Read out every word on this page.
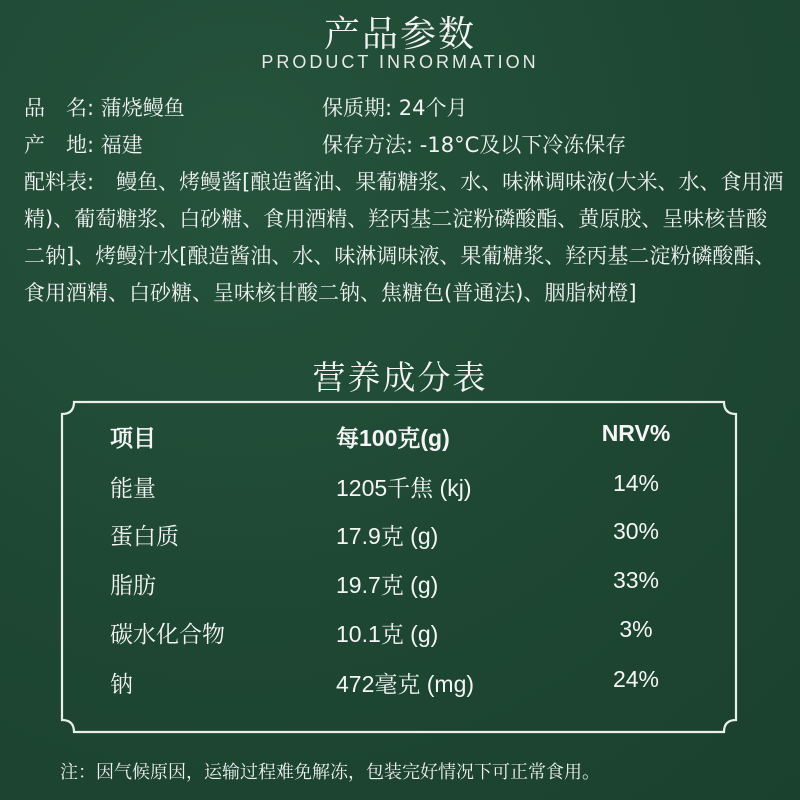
产品参数
PRODUCT INRORMATION
品　名: 蒲烧鳗鱼	保质期: 24个月
产　地: 福建	保存方法: -18°C及以下冷冻保存
配料表: 鳗鱼、烤鳗酱[酿造酱油、果葡糖浆、水、味淋调味液(大米、水、食用酒精)、葡萄糖浆、白砂糖、食用酒精、羟丙基二淀粉磷酸酯、黄原胶、呈味核昔酸二钠]、烤鳗汁水[酿造酱油、水、味淋调味液、果葡糖浆、羟丙基二淀粉磷酸酯、食用酒精、白砂糖、呈味核甘酸二钠、焦糖色(普通法)、胭脂树橙]
营养成分表
项目	每100克(g)	NRV%
能量	1205千焦 (kj)	14%
蛋白质	17.9克 (g)	30%
脂肪	19.7克 (g)	33%
碳水化合物	10.1克 (g)	3%
钠	472毫克 (mg)	24%
注：因气候原因，运输过程难免解冻，包装完好情况下可正常食用。
